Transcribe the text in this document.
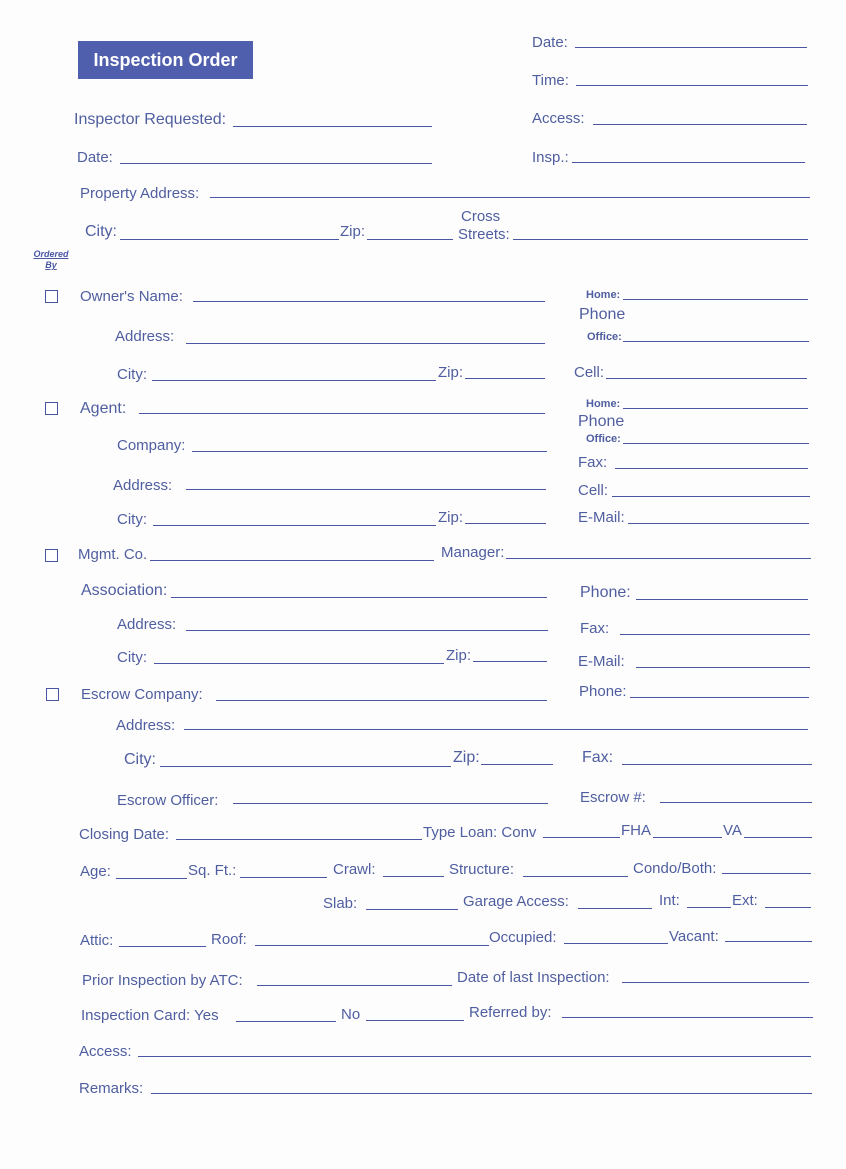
Inspection Order
Date:
Time:
Access:
Insp.:
Inspector Requested:
Date:
Property Address:
City:	Zip:
Cross
Streets:
Ordered
By
Owner's Name:
Address:
City:	Zip:
Home:
Phone
Office:
Cell:
Agent:
Company:
Address:
City:	Zip:
Home:
Phone
Office:
Fax:
Cell:
E-Mail:
Mgmt. Co.	Manager:
Association:
Address:
City:	Zip:
Phone:
Fax:
E-Mail:
Escrow Company:	Phone:
Address:
City:	Zip:	Fax:
Escrow Officer:	Escrow #:
Closing Date:	Type Loan: Conv	FHA	VA
Age:	Sq. Ft.:	Crawl:	Structure:	Condo/Both:
Slab:	Garage Access:	Int:	Ext:
Attic:	Roof:	Occupied:	Vacant:
Prior Inspection by ATC:	Date of last Inspection:
Inspection Card: Yes	No	Referred by:
Access:
Remarks:
